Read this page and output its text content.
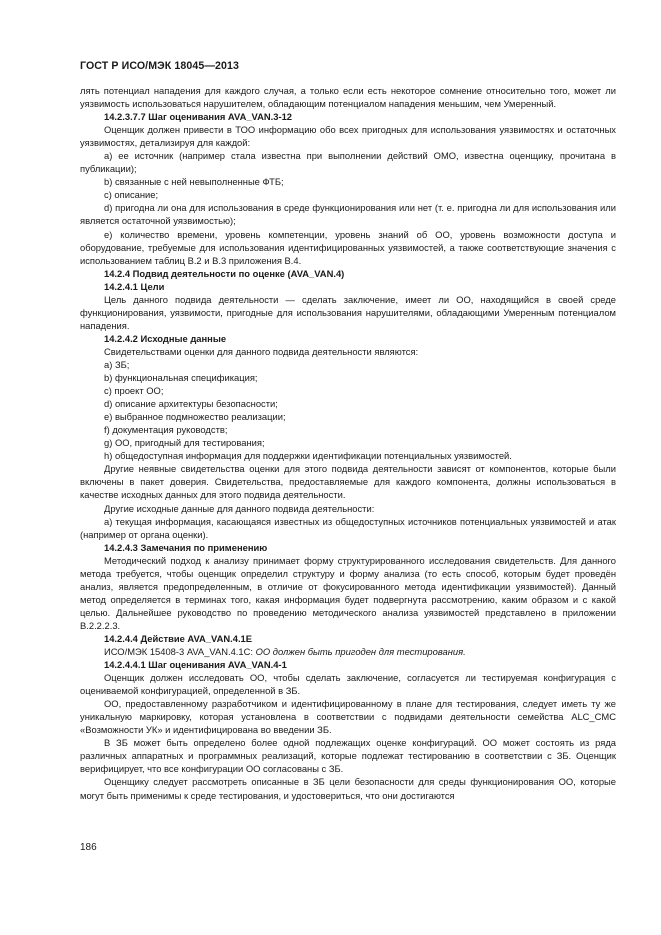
ГОСТ Р ИСО/МЭК 18045—2013

лять потенциал нападения для каждого случая, а только если есть некоторое сомнение относительно того, может ли уязвимость использоваться нарушителем, обладающим потенциалом нападения меньшим, чем Умеренный.

14.2.3.7.7 Шаг оценивания AVA_VAN.3-12

Оценщик должен привести в ТОО информацию обо всех пригодных для использования уязвимостях и остаточных уязвимостях, детализируя для каждой:

a) ее источник (например стала известна при выполнении действий ОМО, известна оценщику, прочитана в публикации);

b) связанные с ней невыполненные ФТБ;

c) описание;

d) пригодна ли она для использования в среде функционирования или нет (т. е. пригодна ли для использования или является остаточной уязвимостью);

e) количество времени, уровень компетенции, уровень знаний об ОО, уровень возможности доступа и оборудование, требуемые для использования идентифицированных уязвимостей, а также соответствующие значения с использованием таблиц В.2 и В.3 приложения В.4.

14.2.4 Подвид деятельности по оценке (AVA_VAN.4)

14.2.4.1 Цели

Цель данного подвида деятельности — сделать заключение, имеет ли ОО, находящийся в своей среде функционирования, уязвимости, пригодные для использования нарушителями, обладающими Умеренным потенциалом нападения.

14.2.4.2 Исходные данные

Свидетельствами оценки для данного подвида деятельности являются:

a) ЗБ;

b) функциональная спецификация;

c) проект ОО;

d) описание архитектуры безопасности;

e) выбранное подмножество реализации;

f) документация руководств;

g) ОО, пригодный для тестирования;

h) общедоступная информация для поддержки идентификации потенциальных уязвимостей.

Другие неявные свидетельства оценки для этого подвида деятельности зависят от компонентов, которые были включены в пакет доверия. Свидетельства, предоставляемые для каждого компонента, должны использоваться в качестве исходных данных для этого подвида деятельности.

Другие исходные данные для данного подвида деятельности:

a) текущая информация, касающаяся известных из общедоступных источников потенциальных уязвимостей и атак (например от органа оценки).

14.2.4.3 Замечания по применению

Методический подход к анализу принимает форму структурированного исследования свидетельств. Для данного метода требуется, чтобы оценщик определил структуру и форму анализа (то есть способ, которым будет проведён анализ, является предопределенным, в отличие от фокусированного метода идентификации уязвимостей). Данный метод определяется в терминах того, какая информация будет подвергнута рассмотрению, каким образом и с какой целью. Дальнейшее руководство по проведению методического анализа уязвимостей представлено в приложении В.2.2.2.3.

14.2.4.4 Действие AVA_VAN.4.1E

ИСО/МЭК 15408-3 AVA_VAN.4.1С: ОО должен быть пригоден для тестирования.

14.2.4.4.1 Шаг оценивания AVA_VAN.4-1

Оценщик должен исследовать ОО, чтобы сделать заключение, согласуется ли тестируемая конфигурация с оцениваемой конфигурацией, определенной в ЗБ.

ОО, предоставленному разработчиком и идентифицированному в плане для тестирования, следует иметь ту же уникальную маркировку, которая установлена в соответствии с подвидами деятельности семейства ALC_CMC «Возможности УК» и идентифицирована во введении ЗБ.

В ЗБ может быть определено более одной подлежащих оценке конфигураций. ОО может состоять из ряда различных аппаратных и программных реализаций, которые подлежат тестированию в соответствии с ЗБ. Оценщик верифицирует, что все конфигурации ОО согласованы с ЗБ.

Оценщику следует рассмотреть описанные в ЗБ цели безопасности для среды функционирования ОО, которые могут быть применимы к среде тестирования, и удостовериться, что они достигаются

186
